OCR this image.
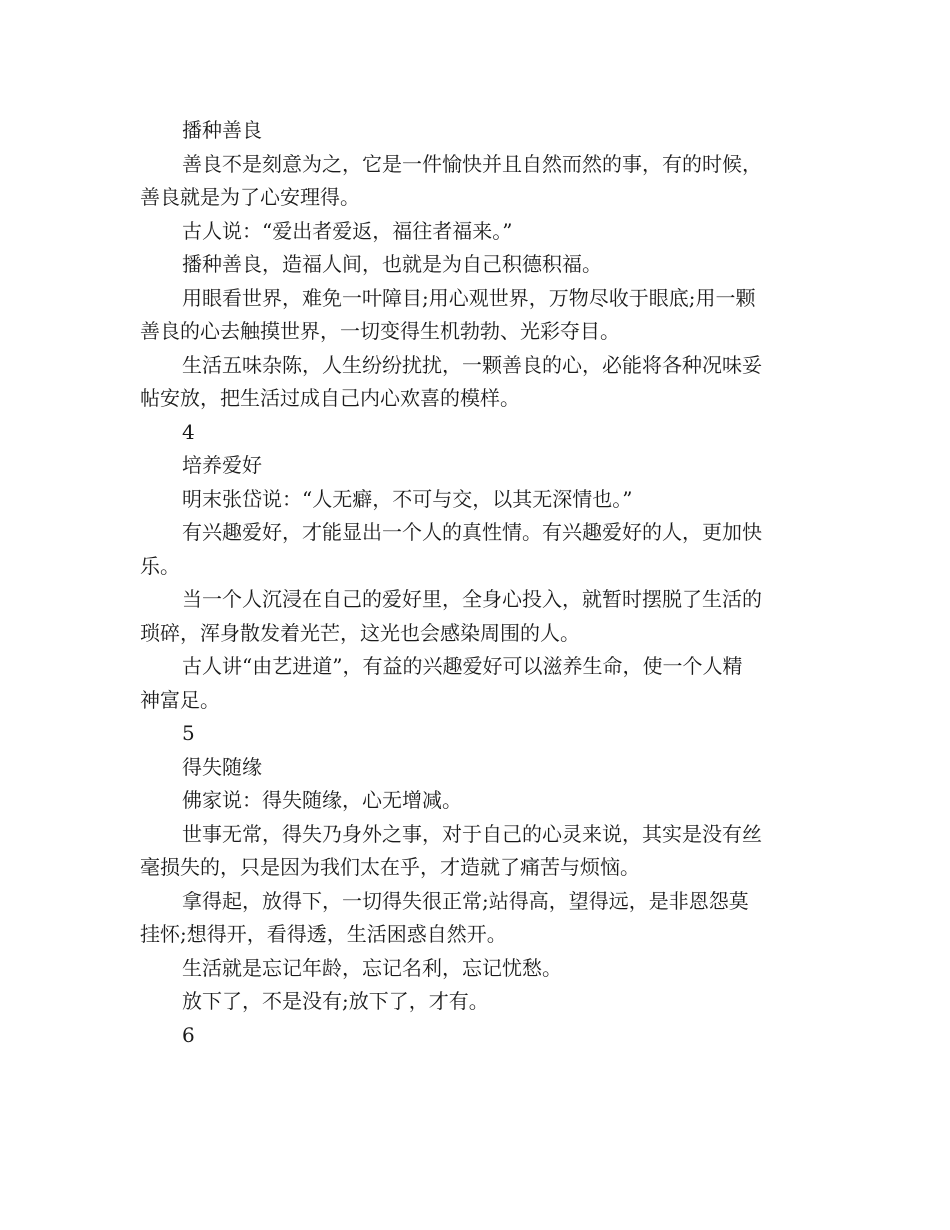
播种善良

善良不是刻意为之，它是一件愉快并且自然而然的事，有的时候，

善良就是为了心安理得。

古人说：“爱出者爱返，福往者福来。”

播种善良，造福人间，也就是为自己积德积福。

用眼看世界，难免一叶障目;用心观世界，万物尽收于眼底;用一颗

善良的心去触摸世界，一切变得生机勃勃、光彩夺目。

生活五味杂陈，人生纷纷扰扰，一颗善良的心，必能将各种况味妥

帖安放，把生活过成自己内心欢喜的模样。

4

培养爱好

明末张岱说：“人无癖，不可与交，以其无深情也。”

有兴趣爱好，才能显出一个人的真性情。有兴趣爱好的人，更加快

乐。

当一个人沉浸在自己的爱好里，全身心投入，就暂时摆脱了生活的

琐碎，浑身散发着光芒，这光也会感染周围的人。

古人讲“由艺进道”，有益的兴趣爱好可以滋养生命，使一个人精

神富足。

5

得失随缘

佛家说：得失随缘，心无增减。

世事无常，得失乃身外之事，对于自己的心灵来说，其实是没有丝

毫损失的，只是因为我们太在乎，才造就了痛苦与烦恼。

拿得起，放得下，一切得失很正常;站得高，望得远，是非恩怨莫

挂怀;想得开，看得透，生活困惑自然开。

生活就是忘记年龄，忘记名利，忘记忧愁。

放下了，不是没有;放下了，才有。

6
